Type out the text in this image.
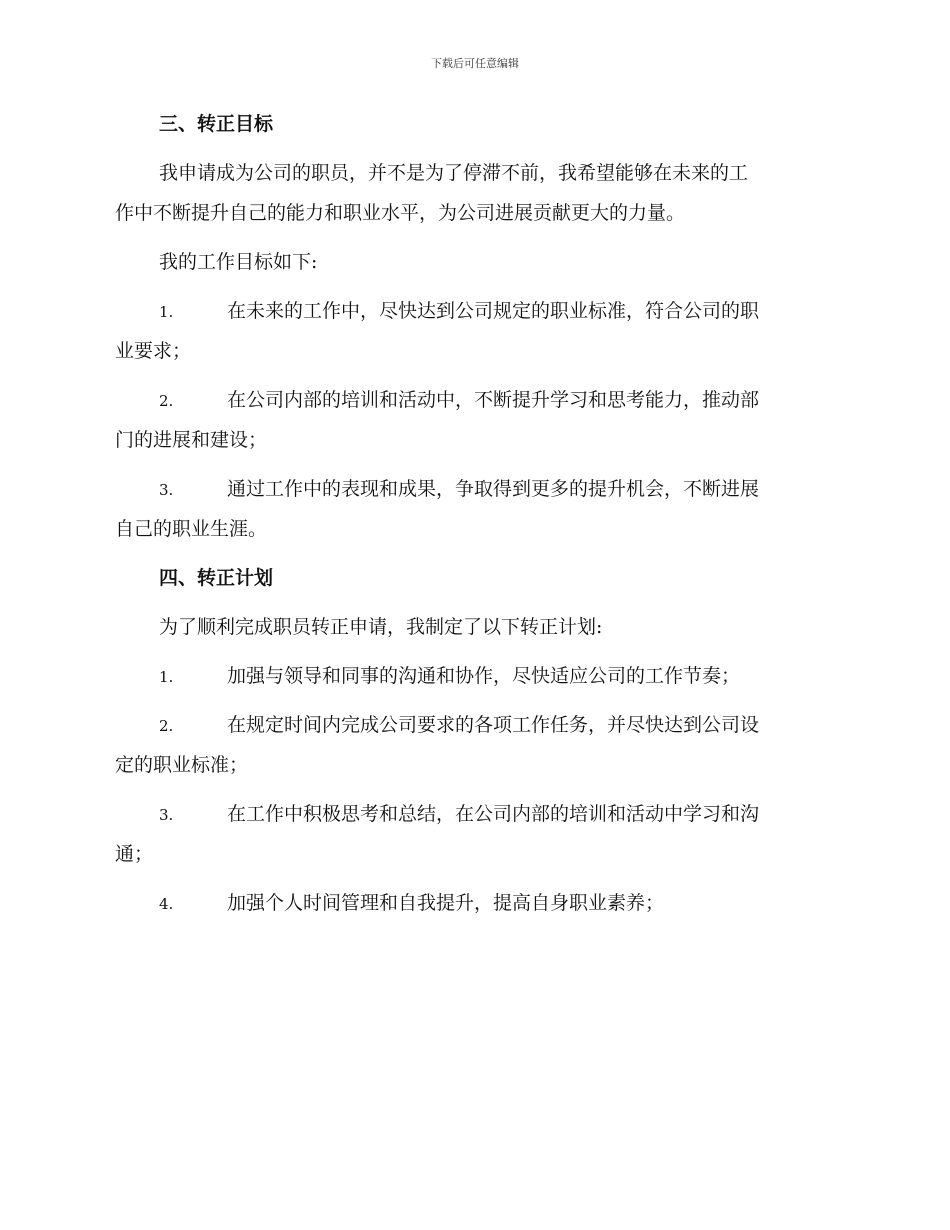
下载后可任意编辑
三、转正目标
我申请成为公司的职员，并不是为了停滞不前，我希望能够在未来的工
作中不断提升自己的能力和职业水平，为公司进展贡献更大的力量。
我的工作目标如下:
1.	在未来的工作中，尽快达到公司规定的职业标准，符合公司的职
业要求；
2.	在公司内部的培训和活动中，不断提升学习和思考能力，推动部
门的进展和建设；
3.	通过工作中的表现和成果，争取得到更多的提升机会，不断进展
自己的职业生涯。
四、转正计划
为了顺利完成职员转正申请，我制定了以下转正计划:
1.	加强与领导和同事的沟通和协作，尽快适应公司的工作节奏；
2.	在规定时间内完成公司要求的各项工作任务，并尽快达到公司设
定的职业标准；
3.	在工作中积极思考和总结，在公司内部的培训和活动中学习和沟
通；
4.	加强个人时间管理和自我提升，提高自身职业素养；
